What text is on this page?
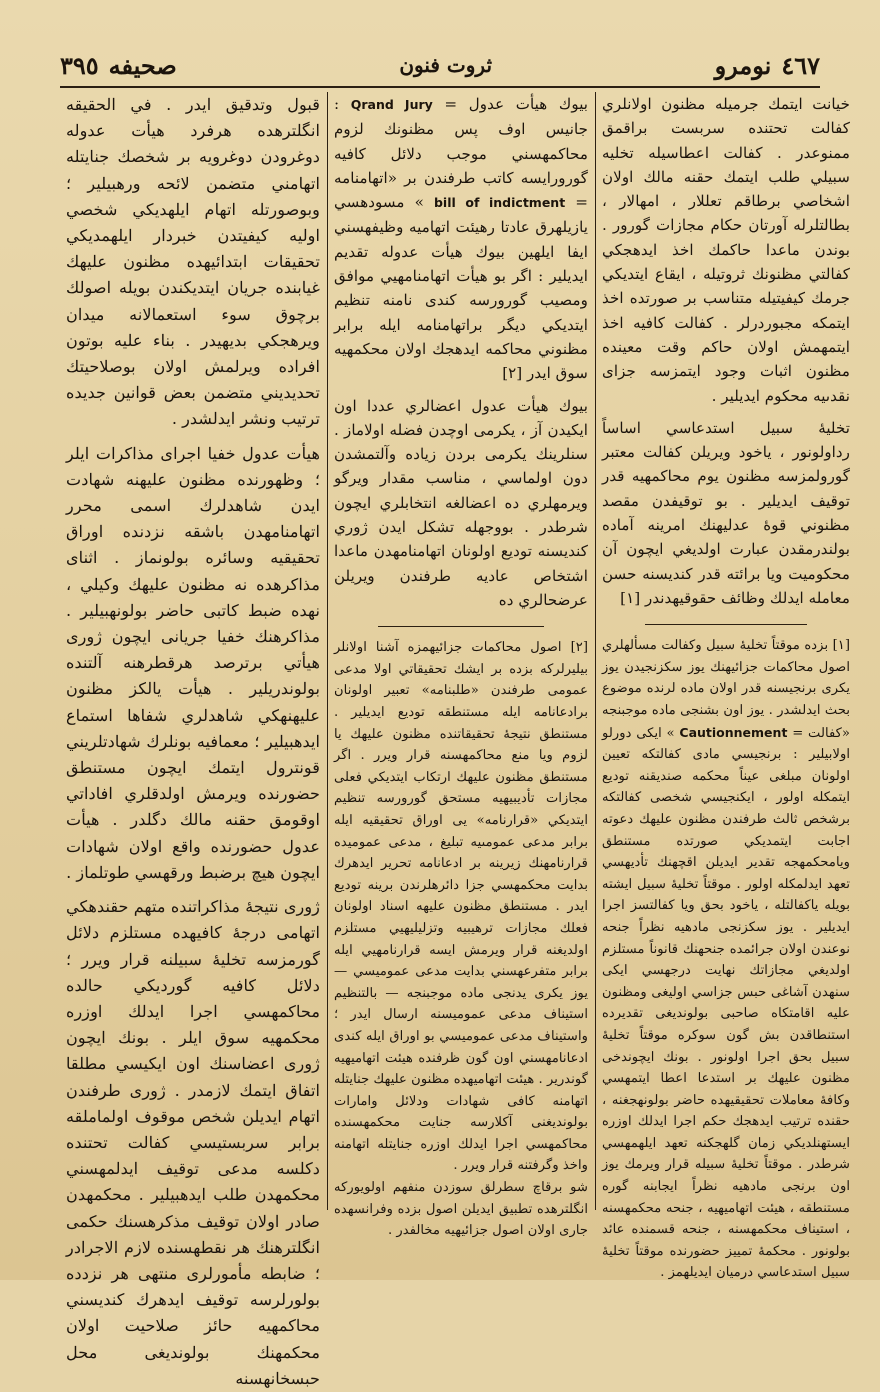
٤٦٧
نومرو
ثروت فنون
صحيفه
٣٩٥

خيانت ايتمك جرميله مظنون اولانلري كفالت تحتنده سربست براقمق ممنوعدر . كفالت اعطاسيله تخليه سبيلي طلب ايتمك حقنه مالك اولان اشخاصي برطاقم تعللار ، امهالار ، بطالتلرله آورتان حكام مجازات گورور . بوندن ماعدا حاكمك اخذ ايدهجكي كفالتي مظنونك ثروتيله ، ايقاع ايتديكي جرمك كيفيتيله متناسب بر صورتده اخذ ايتمكه مجبوردرلر . كفالت كافيه اخذ ايتمهمش اولان حاكم وقت معينده مظنون اثبات وجود ايتمزسه جزاى نقدىيه محكوم ايديلير .

تخليهٔ سبيل استدعاسي اساساً رداولونور ، ياخود ويريلن كفالت معتبر گورولمزسه مظنون يوم محاكمهيه قدر توقيف ايديلير . بو توقيفدن مقصد مظنوني قوهٔ عدليهنك امرينه آماده بولندرمقدن عبارت اولديغي ايچون آن محكوميت ويا برائته قدر كنديسنه حسن معامله ايدلك وظائف حقوقيهدندر [١]

[١] بزده موقتاً تخليهٔ سبيل وكفالت مسألهلري اصول محاكمات جزائيهنك يوز سكزنجيدن يوز يكرى برنجيسنه قدر اولان ماده لرنده موضوع بحث ايدلشدر . يوز اون بشنجى ماده موجبنجه «كفالت = Cautionnement » ايكى دورلو اولابيلير : برنجيسي مادى كفالتكه تعيين اولونان مبلغى عيناً محكمه صنديقنه توديع ايتمكله اولور ، ايكنجيسي شخصى كفالتكه برشخص ثالث طرفندن مظنون عليهك دعوته اجابت ايتمديكي صورتده مستنطق ويامحكمهجه تقدير ايديلن اقچهنك تأديهسي تعهد ايدلمكله اولور . موقتاً تخليهٔ سبيل ايشته بويله ياكفالتله ، ياخود بحق ويا كفالتسز اجرا ايديلير . يوز سكزنجى مادهيه نظراً جنحه نوعندن اولان جرائمده جنحهنك قانوناً مستلزم اولديغي مجازاتك نهايت درجهسي ايكى سنهدن آشاغى حبس جزاسي اوليغى ومظنون عليه اقامتكاه صاحبى بولونديغى تقديرده استنطاقدن بش گون سوكره موقتاً تخليهٔ سبيل بحق اجرا اولونور . بونك ايچوندخى مظنون عليهك بر استدعا اعطا ايتمهسي وكافهٔ معاملات تحقيقيهده حاضر بولونهجغنه ، حقنده ترتيب ايدهجك حكم اجرا ايدلك اوزره ايستهنلديكي زمان گلهجكنه تعهد ايلهمهسي شرطدر . موقتاً تخليهٔ سبيله قرار ويرمك يوز اون برنجى مادهيه نظراً ايجابنه گوره مستنطقه ، هيئت اتهاميهيه ، جنحه محكمهسنه ، استيناف محكمهسنه ، جنحه قسمنده عائد بولونور . محكمهٔ تمييز حضورنده موقتاً تخليهٔ سبيل استدعاسي درميان ايديلهمز .

بيوك هيأت عدول = Qrand Jury : جانيس اوف پس مظنونك لزوم محاكمهسني موجب دلائل كافيه گورورايسه كاتب طرفندن بر «اتهامنامه = bill of indictment » مسودهسي يازيلهرق عادتا رهيئت اتهاميه وظيفهسني ايفا ايلهين بيوك هيأت عدوله تقديم ايديلير : اگر بو هيأت اتهامنامهيي موافق ومصيب گورورسه كندى نامنه تنظيم ايتديكي ديگر براتهامنامه ايله برابر مظنوني محاكمه ايدهجك اولان محكمهيه سوق ايدر [٢]

بيوك هيأت عدول اعضالري عددا اون ايكيدن آز ، يكرمى اوچدن فضله اولاماز . سنلرينك يكرمى بردن زياده وآلتمشدن دون اولماسي ، مناسب مقدار ويرگو ويرمهلري ده اعضالغه انتخابلري ايچون شرطدر . بووجهله تشكل ايدن ژوري كنديسنه توديع اولونان اتهامنامهدن ماعدا اشتخاص عاديه طرفندن ويريلن عرضحالري ده

[٢] اصول محاكمات جزائيهمزه آشنا اولانلر بيليرلركه بزده بر ايشك تحقيقاتي اولا مدعى عمومى طرفندن «طلبنامه» تعبير اولونان برادعانامه ايله مستنطقه توديع ايديلير . مستنطق نتيجهٔ تحقيقاتنده مظنون عليهك يا لزوم ويا منع محاكمهسنه قرار ويرر . اگر مستنطق مظنون عليهك ارتكاب ايتديكي فعلى مجازات تأديبيهيه مستحق گورورسه تنظيم ايتديكي «قرارنامه» يى اوراق تحقيقيه ايله برابر مدعى عمومىيه تبليغ ، مدعى عموميده قرارنامهنك زيرينه بر ادعانامه تحرير ايدهرك بدايت محكمهسي جزا دائرهلرندن برينه توديع ايدر . مستنطق مظنون عليهه اسناد اولونان فعلك مجازات ترهيبيه وتزليليهيي مستلزم اولديغنه قرار ويرمش ايسه قرارنامهيي ايله برابر متفرعهسني بدايت مدعى عموميسي — يوز يكرى يدنجى ماده موجبنجه — بالتنظيم استيناف مدعى عموميسنه ارسال ايدر ؛ واستيناف مدعى عموميسي بو اوراق ايله كندى ادعانامهسني اون گون ظرفنده هيئت اتهاميهيه گوندرير . هيئت اتهاميهده مظنون عليهك جنايتله اتهامنه كافى شهادات ودلائل وامارات بولونديغنى آكلارسه جنايت محكمهسنده محاكمهسي اجرا ايدلك اوزره جنايتله اتهامنه واخذ وگرفتنه قرار ويرر .

شو برقاچ سطرلق سوزدن منفهم اولويوركه انگلترهده تطبيق ايديلن اصول بزده وفرانسهده جارى اولان اصول جزائيهيه مخالفدر .

قبول وتدقيق ايدر . في الحقيقه انگلترهده هرفرد هيأت عدوله دوغرودن دوغرويه بر شخصك جنايتله اتهامني متضمن لائحه ورهبيلير ؛ وبوصورتله اتهام ايلهديكي شخصي اوليه كيفيتدن خبردار ايلهمديكي تحقيقات ابتدائيهده مظنون عليهك غيابنده جريان ايتديكندن بويله اصولك برچوق سوء استعمالانه ميدان ويرهجكي بديهيدر . بناء عليه بوتون افراده ويرلمش اولان بوصلاحيتك تحديديني متضمن بعض قوانين جديده ترتيب ونشر ايدلشدر .

هيأت عدول خفيا اجراى مذاكرات ايلر ؛ وظهورنده مظنون عليهنه شهادت ايدن شاهدلرك اسمى محرر اتهامنامهدن باشقه نزدنده اوراق تحقيقيه وسائره بولونماز . اثناى مذاكرهده نه مظنون عليهك وكيلي ، نهده ضبط كاتبى حاضر بولونهبيلير . مذاكرهنك خفيا جريانى ايچون ژورى هيأتي برترصد هرقطرهنه آلتنده بولوندريلير . هيأت يالكز مظنون عليهنهكي شاهدلري شفاها استماع ايدهبيلير ؛ معمافيه بونلرك شهادتلريني قونترول ايتمك ايچون مستنطق حضورنده ويرمش اولدقلري افاداتي اوقومق حقنه مالك دگلدر . هيأت عدول حضورنده واقع اولان شهادات ايچون هيچ برضبط ورقهسي طوتلماز .

ژورى نتيجهٔ مذاكراتنده متهم حقندهكي اتهامى درجهٔ كافيهده مستلزم دلائل گورمزسه تخليهٔ سبيلنه قرار ويرر ؛ دلائل كافيه گورديكي حالده محاكمهسي اجرا ايدلك اوزره محكمهيه سوق ايلر . بونك ايچون ژورى اعضاسنك اون ايكيسي مطلقا اتفاق ايتمك لازمدر . ژورى طرفندن اتهام ايديلن شخص موقوف اولماملقه برابر سربستيسي كفالت تحتنده دكلسه مدعى توقيف ايدلمهسني محكمهدن طلب ايدهبيلير . محكمهدن صادر اولان توقيف مذكرهسنك حكمى انگلترهنك هر نقطهسنده لازم الاجرادر ؛ ضابطه مأمورلرى منتهى هر نزدده بولورلرسه توقيف ايدهرك كنديسني محاكمهيه حائز صلاحيت اولان محكمهنك بولونديغى محل حبسخانهسنه
